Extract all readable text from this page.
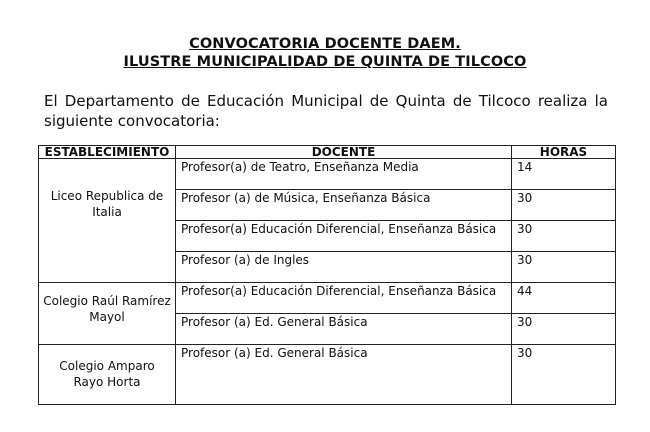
CONVOCATORIA DOCENTE DAEM.
ILUSTRE MUNICIPALIDAD DE QUINTA DE TILCOCO
El Departamento de Educación Municipal de Quinta de Tilcoco realiza la siguiente convocatoria:
ESTABLECIMIENTO	DOCENTE	HORAS

Liceo Republica de Italia	Profesor(a) de Teatro, Enseñanza Media	14
	Profesor (a) de Música, Enseñanza Básica	30
	Profesor(a) Educación Diferencial, Enseñanza Básica	30
	Profesor (a) de Ingles	30

Colegio Raúl Ramírez Mayol	Profesor(a) Educación Diferencial, Enseñanza Básica	44
	Profesor (a) Ed. General Básica	30

Colegio Amparo Rayo Horta	Profesor (a) Ed. General Básica	30
